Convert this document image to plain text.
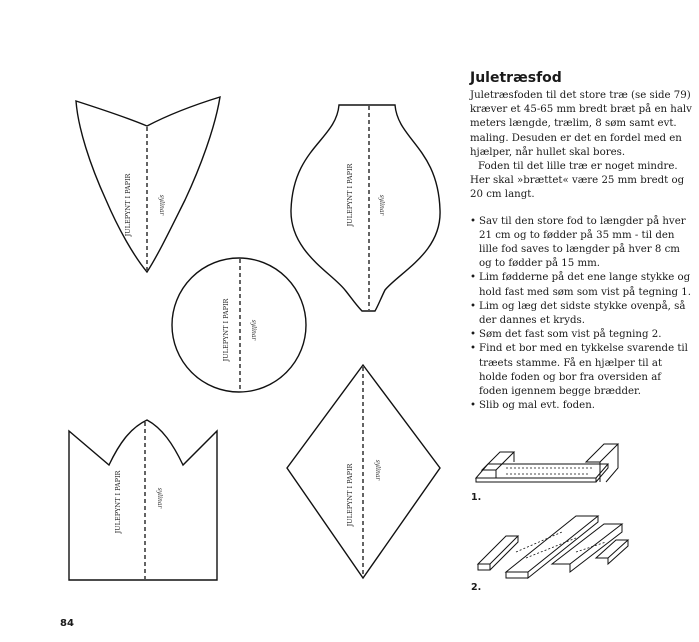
JULEPYNT I PAPIR	sylinar	JULEPYNT I PAPIR	sylinar
JULEPYNT I PAPIR	sylinar
JULEPYNT I PAPIR	sylinar	JULEPYNT I PAPIR	sylinar
Juletræsfod

Juletræsfoden til det store træ (se side 79) kræver et 45-65 mm bredt bræt på en halv meters længde, trælim, 8 søm samt evt. maling. Desuden er det en fordel med en hjælper, når hullet skal bores.

Foden til det lille træ er noget mindre. Her skal »brættet« være 25 mm bredt og 20 cm langt.

• Sav til den store fod to længder på hver 21 cm og to fødder på 35 mm - til den lille fod saves to længder på hver 8 cm og to fødder på 15 mm.
• Lim fødderne på det ene lange stykke og hold fast med søm som vist på tegning 1.
• Lim og læg det sidste stykke ovenpå, så der dannes et kryds.
• Søm det fast som vist på tegning 2.
• Find et bor med en tykkelse svarende til træets stamme. Få en hjælper til at holde foden og bor fra oversiden af foden igennem begge brædder.
• Slib og mal evt. foden.
1.
2.
84
